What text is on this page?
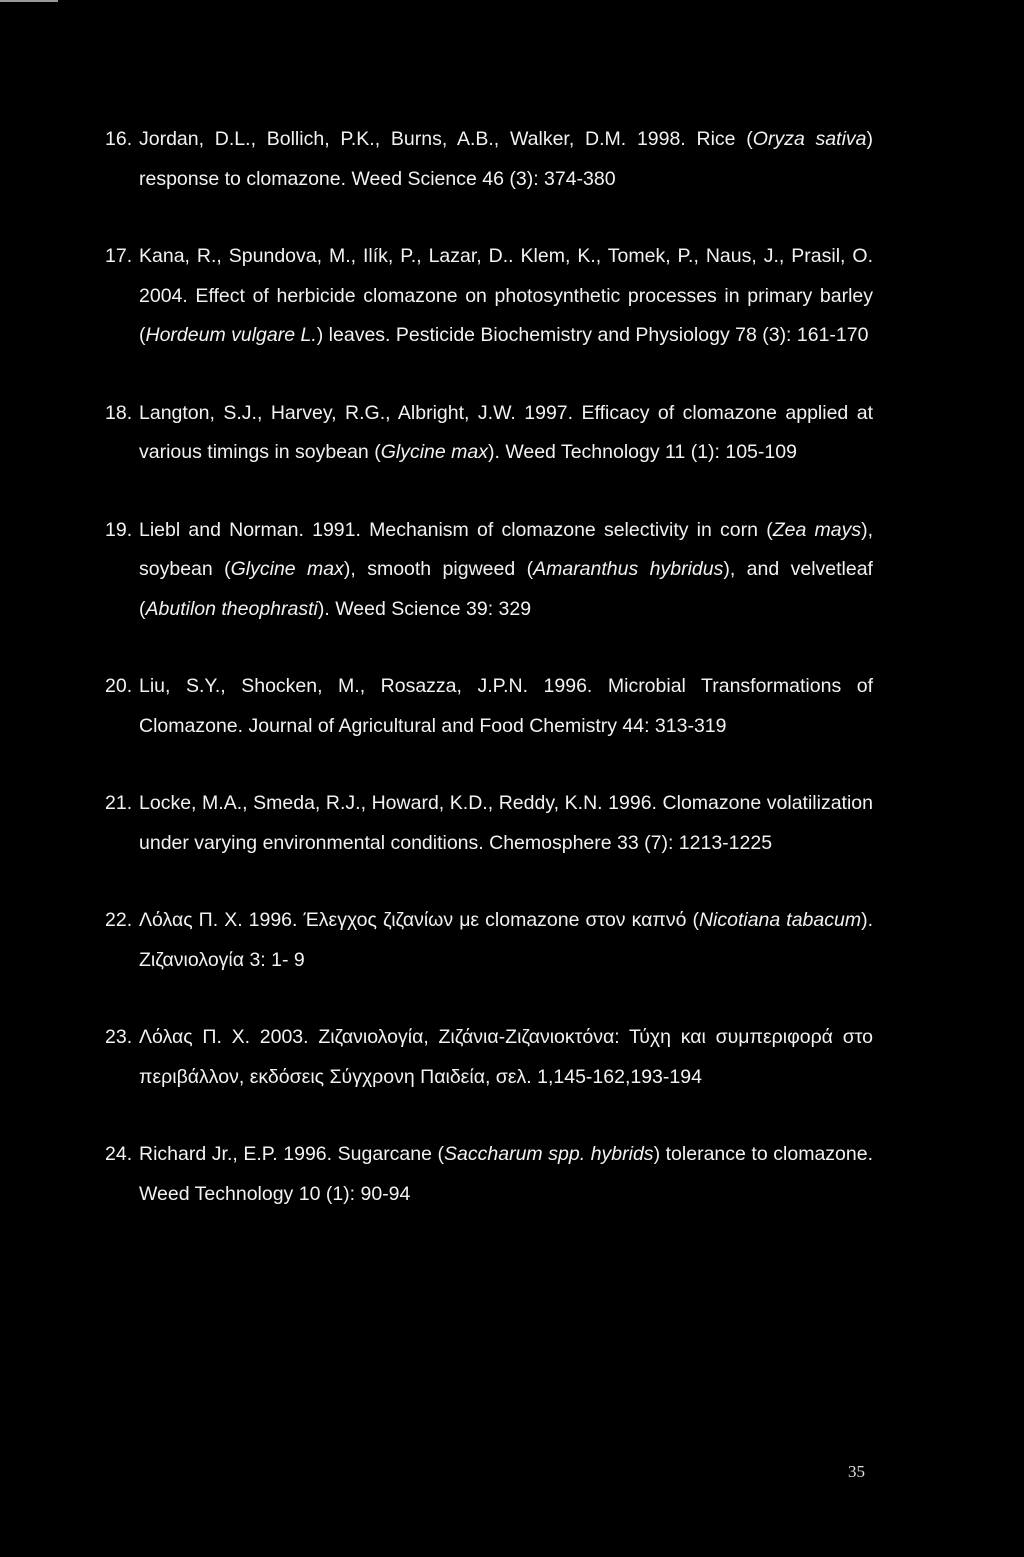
16. Jordan, D.L., Bollich, P.K., Burns, A.B., Walker, D.M. 1998. Rice (Oryza sativa) response to clomazone. Weed Science 46 (3): 374-380
17. Kana, R., Spundova, M., Ilík, P., Lazar, D.. Klem, K., Tomek, P., Naus, J., Prasil, O. 2004. Effect of herbicide clomazone on photosynthetic processes in primary barley (Hordeum vulgare L.) leaves. Pesticide Biochemistry and Physiology 78 (3): 161-170
18. Langton, S.J., Harvey, R.G., Albright, J.W. 1997. Efficacy of clomazone applied at various timings in soybean (Glycine max). Weed Technology 11 (1): 105-109
19. Liebl and Norman. 1991. Mechanism of clomazone selectivity in corn (Zea mays), soybean (Glycine max), smooth pigweed (Amaranthus hybridus), and velvetleaf (Abutilon theophrasti). Weed Science 39: 329
20. Liu, S.Y., Shocken, M., Rosazza, J.P.N. 1996. Microbial Transformations of Clomazone. Journal of Agricultural and Food Chemistry 44: 313-319
21. Locke, M.A., Smeda, R.J., Howard, K.D., Reddy, K.N. 1996. Clomazone volatilization under varying environmental conditions. Chemosphere 33 (7): 1213-1225
22. Λόλας Π. Χ. 1996. Έλεγχος ζιζανίων με clomazone στον καπνό (Nicotiana tabacum). Ζιζανιολογία 3: 1- 9
23. Λόλας Π. Χ. 2003. Ζιζανιολογία, Ζιζάνια-Ζιζανιοκτόνα: Τύχη και συμπεριφορά στο περιβάλλον, εκδόσεις Σύγχρονη Παιδεία, σελ. 1,145-162,193-194
24. Richard Jr., E.P. 1996. Sugarcane (Saccharum spp. hybrids) tolerance to clomazone. Weed Technology 10 (1): 90-94
35
